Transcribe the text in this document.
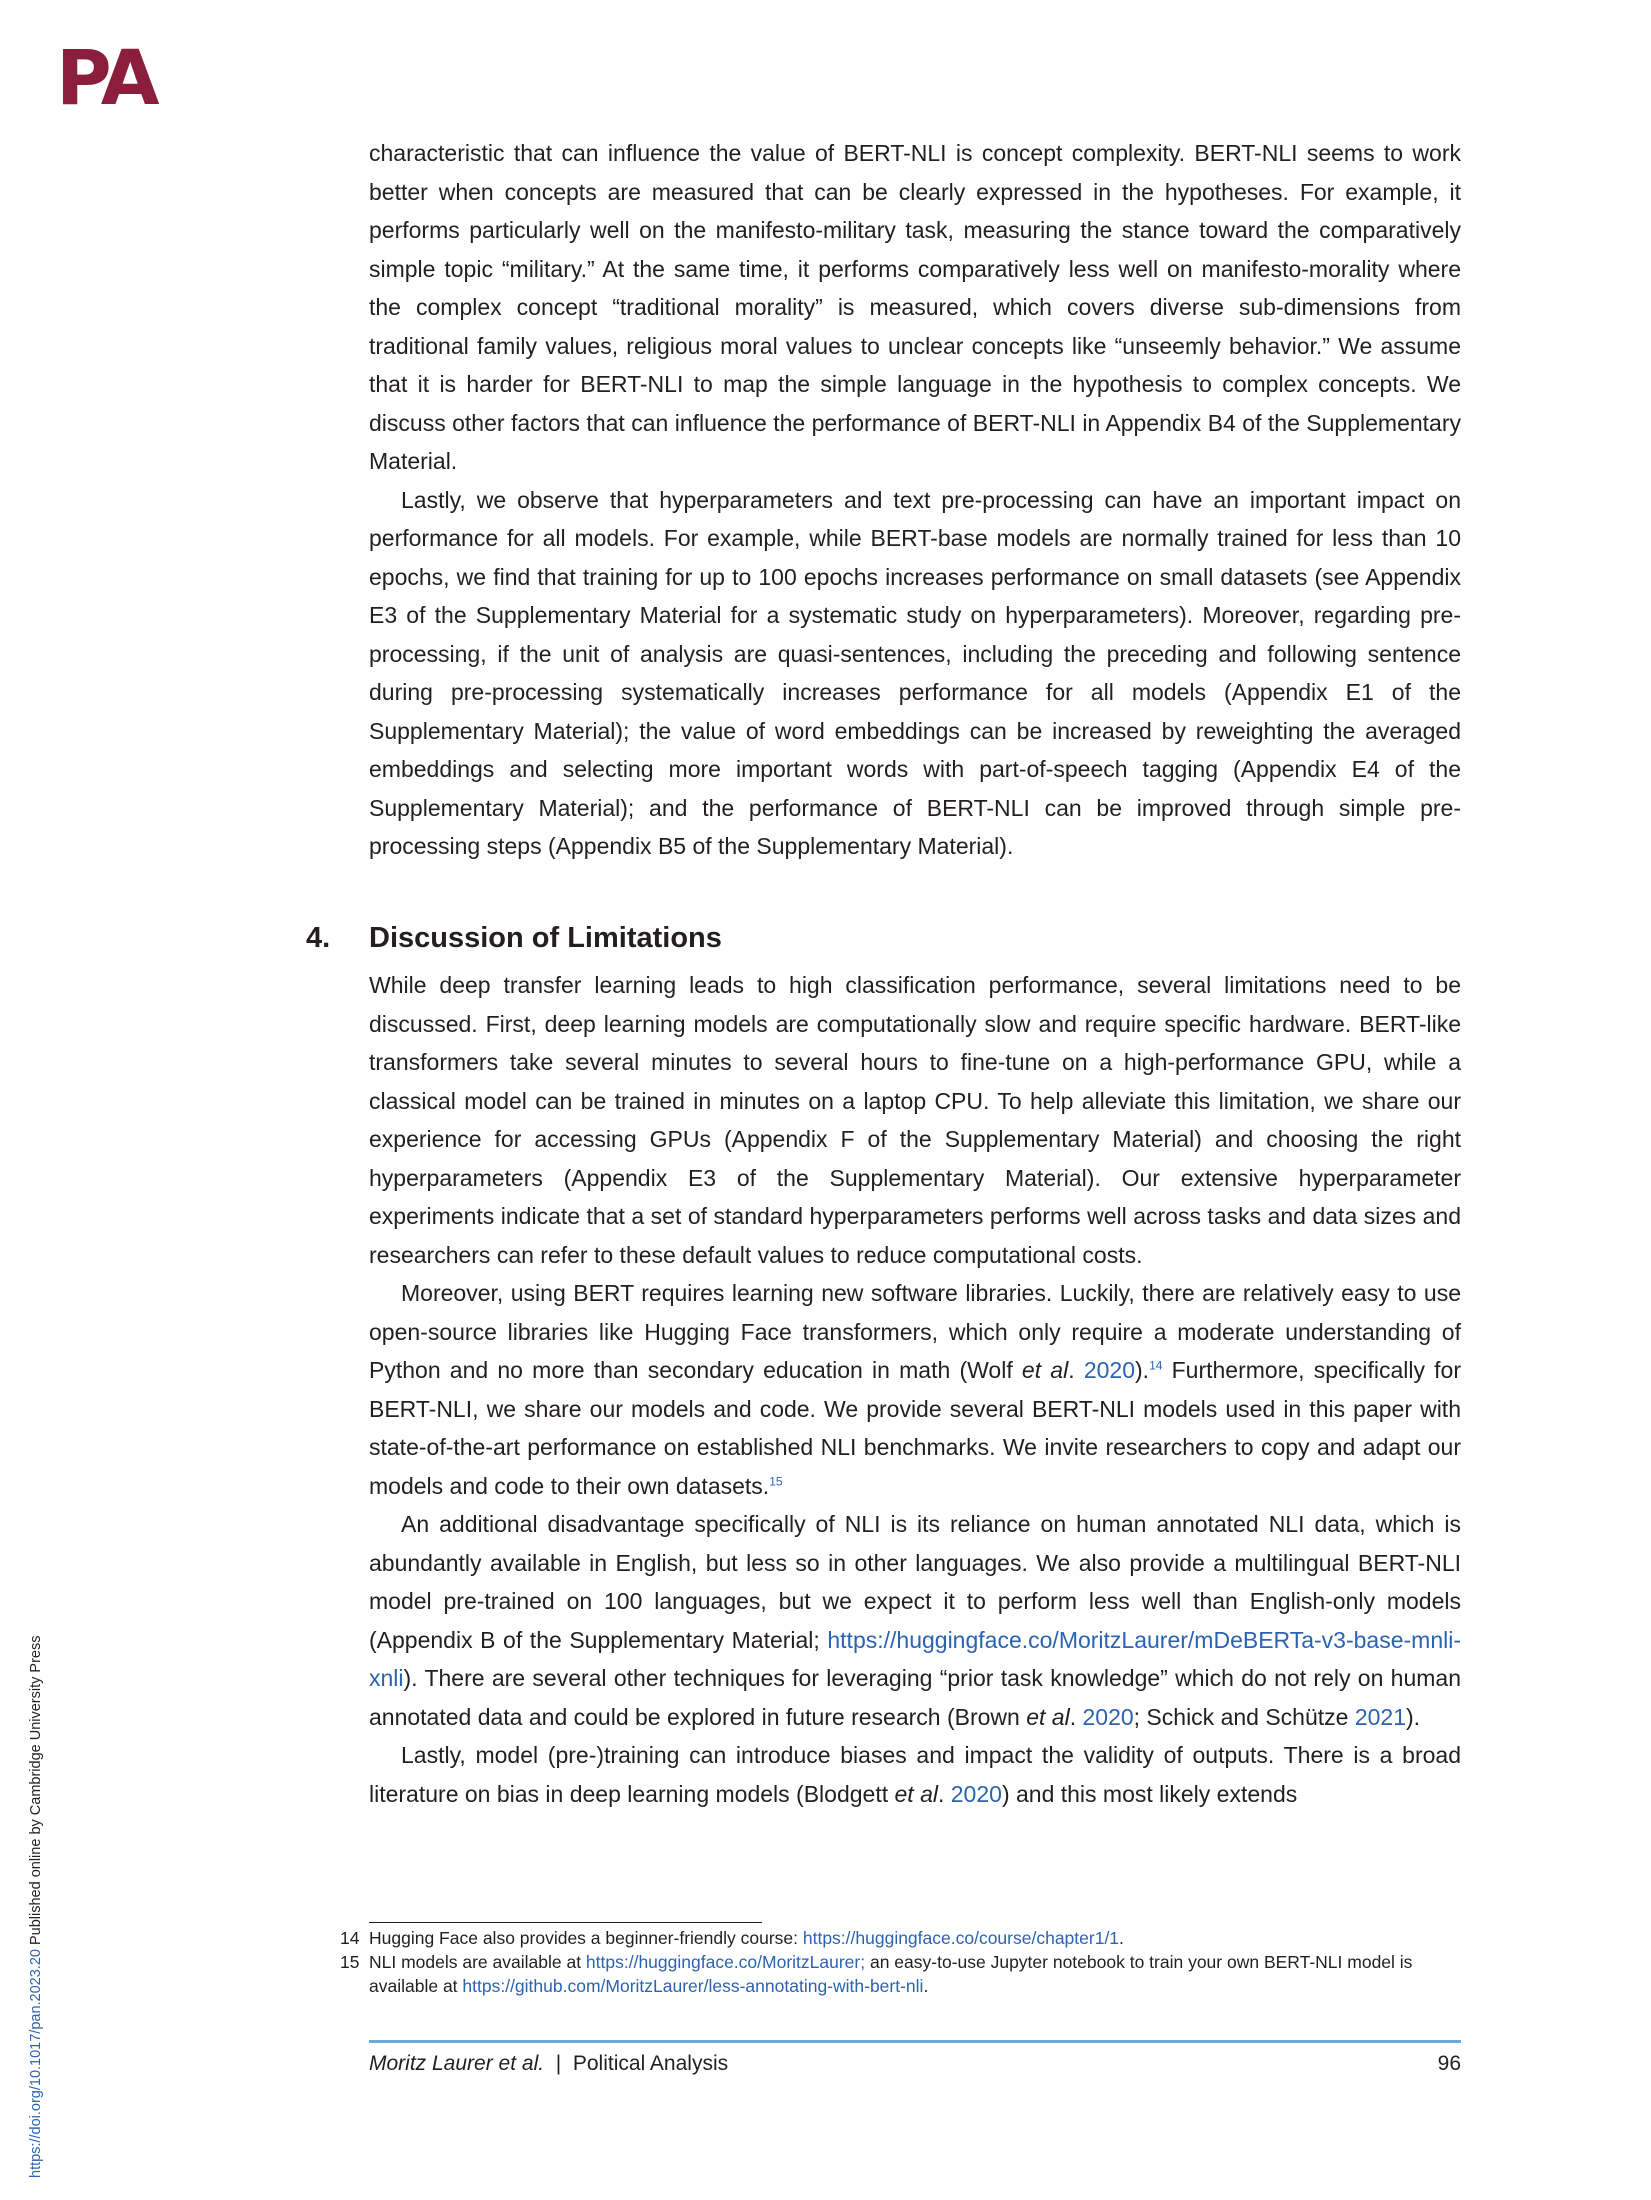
PA
https://doi.org/10.1017/pan.2023.20 Published online by Cambridge University Press

characteristic that can influence the value of BERT-NLI is concept complexity. BERT-NLI seems to work better when concepts are measured that can be clearly expressed in the hypotheses. For example, it performs particularly well on the manifesto-military task, measuring the stance toward the comparatively simple topic “military.” At the same time, it performs comparatively less well on manifesto-morality where the complex concept “traditional morality” is measured, which covers diverse sub-dimensions from traditional family values, religious moral values to unclear concepts like “unseemly behavior.” We assume that it is harder for BERT-NLI to map the simple language in the hypothesis to complex concepts. We discuss other factors that can influence the performance of BERT-NLI in Appendix B4 of the Supplementary Material.

Lastly, we observe that hyperparameters and text pre-processing can have an important impact on performance for all models. For example, while BERT-base models are normally trained for less than 10 epochs, we find that training for up to 100 epochs increases performance on small datasets (see Appendix E3 of the Supplementary Material for a systematic study on hyperparameters). Moreover, regarding pre-processing, if the unit of analysis are quasi-sentences, including the preceding and following sentence during pre-processing systematically increases performance for all models (Appendix E1 of the Supplementary Material); the value of word embeddings can be increased by reweighting the averaged embeddings and selecting more important words with part-of-speech tagging (Appendix E4 of the Supplementary Material); and the performance of BERT-NLI can be improved through simple pre-processing steps (Appendix B5 of the Supplementary Material).

4. Discussion of Limitations

While deep transfer learning leads to high classification performance, several limitations need to be discussed. First, deep learning models are computationally slow and require specific hardware. BERT-like transformers take several minutes to several hours to fine-tune on a high-performance GPU, while a classical model can be trained in minutes on a laptop CPU. To help alleviate this limitation, we share our experience for accessing GPUs (Appendix F of the Supplementary Material) and choosing the right hyperparameters (Appendix E3 of the Supplementary Material). Our extensive hyperparameter experiments indicate that a set of standard hyperparameters performs well across tasks and data sizes and researchers can refer to these default values to reduce computational costs.

Moreover, using BERT requires learning new software libraries. Luckily, there are relatively easy to use open-source libraries like Hugging Face transformers, which only require a moderate understanding of Python and no more than secondary education in math (Wolf et al. 2020).$^{14}$ Furthermore, specifically for BERT-NLI, we share our models and code. We provide several BERT-NLI models used in this paper with state-of-the-art performance on established NLI benchmarks. We invite researchers to copy and adapt our models and code to their own datasets.$^{15}$

An additional disadvantage specifically of NLI is its reliance on human annotated NLI data, which is abundantly available in English, but less so in other languages. We also provide a multilingual BERT-NLI model pre-trained on 100 languages, but we expect it to perform less well than English-only models (Appendix B of the Supplementary Material; https://huggingface.co/MoritzLaurer/mDeBERTa-v3-base-mnli-xnli). There are several other techniques for leveraging “prior task knowledge” which do not rely on human annotated data and could be explored in future research (Brown et al. 2020; Schick and Schütze 2021).

Lastly, model (pre-)training can introduce biases and impact the validity of outputs. There is a broad literature on bias in deep learning models (Blodgett et al. 2020) and this most likely extends

14 Hugging Face also provides a beginner-friendly course: https://huggingface.co/course/chapter1/1.
15 NLI models are available at https://huggingface.co/MoritzLaurer; an easy-to-use Jupyter notebook to train your own BERT-NLI model is available at https://github.com/MoritzLaurer/less-annotating-with-bert-nli.
Moritz Laurer et al.  |  Political Analysis	96
